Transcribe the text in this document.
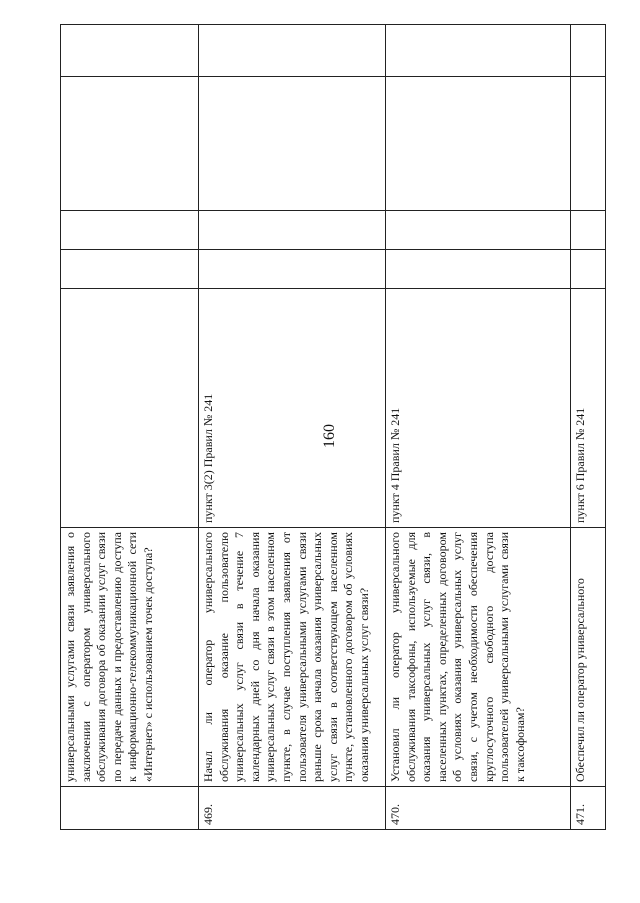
160
	универсальными услугами связи заявления о заключении с оператором универсального обслуживания договора об оказании услуг связи по передаче данных и предоставлению доступа к информационно-телекоммуникационной сети «Интернет» с использованием точек доступа?					
469.	Начал ли оператор универсального обслуживания оказание пользователю универсальных услуг связи в течение 7 календарных дней со дня начала оказания универсальных услуг связи в этом населенном пункте, в случае поступления заявления от пользователя универсальными услугами связи раньше срока начала оказания универсальных услуг связи в соответствующем населенном пункте, установленного договором об условиях оказания универсальных услуг связи?	пункт 3(2) Правил № 241				
470.	Установил ли оператор универсального обслуживания таксофоны, используемые для оказания универсальных услуг связи, в населенных пунктах, определенных договором об условиях оказания универсальных услуг связи, с учетом необходимости обеспечения круглосуточного свободного доступа пользователей универсальными услугами связи к таксофонам?	пункт 4 Правил № 241				
471.	Обеспечил ли оператор универсального	пункт 6 Правил № 241				
